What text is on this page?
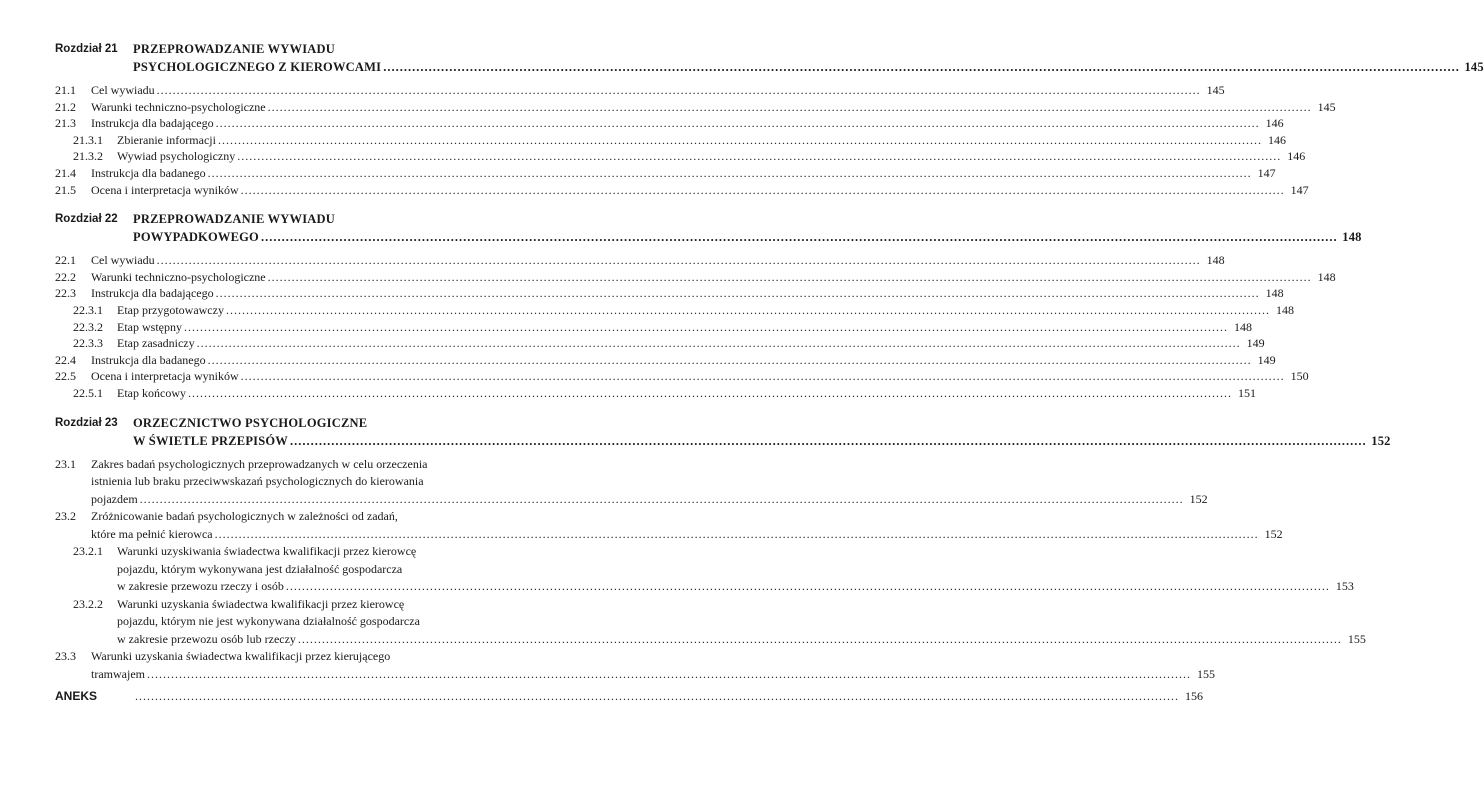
Rozdział 21	PRZEPROWADZANIE WYWIADU
PSYCHOLOGICZNEGO Z KIEROWCAMI .....	145
21.1	Cel wywiadu .....	145
21.2	Warunki techniczno-psychologiczne .....	145
21.3	Instrukcja dla badającego .....	146
21.3.1	Zbieranie informacji .....	146
21.3.2	Wywiad psychologiczny .....	146
21.4	Instrukcja dla badanego .....	147
21.5	Ocena i interpretacja wyników .....	147
Rozdział 22	PRZEPROWADZANIE WYWIADU
POWYPADKOWEGO .....	148
22.1	Cel wywiadu .....	148
22.2	Warunki techniczno-psychologiczne .....	148
22.3	Instrukcja dla badającego .....	148
22.3.1	Etap przygotowawczy .....	148
22.3.2	Etap wstępny .....	148
22.3.3	Etap zasadniczy .....	149
22.4	Instrukcja dla badanego .....	149
22.5	Ocena i interpretacja wyników .....	150
22.5.1	Etap końcowy .....	151
Rozdział 23	ORZECZNICTWO PSYCHOLOGICZNE
W ŚWIETLE PRZEPISÓW .....	152
23.1	Zakres badań psychologicznych przeprowadzanych w celu orzeczenia
istnienia lub braku przeciwwskazań psychologicznych do kierowania
pojazdem .....	152
23.2	Zróżnicowanie badań psychologicznych w zależności od zadań,
które ma pełnić kierowca .....	152
23.2.1	Warunki uzyskiwania świadectwa kwalifikacji przez kierowcę
pojazdu, którym wykonywana jest działalność gospodarcza
w zakresie przewozu rzeczy i osób .....	153
23.2.2	Warunki uzyskania świadectwa kwalifikacji przez kierowcę
pojazdu, którym nie jest wykonywana działalność gospodarcza
w zakresie przewozu osób lub rzeczy .....	155
23.3	Warunki uzyskania świadectwa kwalifikacji przez kierującego
tramwajem .....	155
ANEKS .....	156
